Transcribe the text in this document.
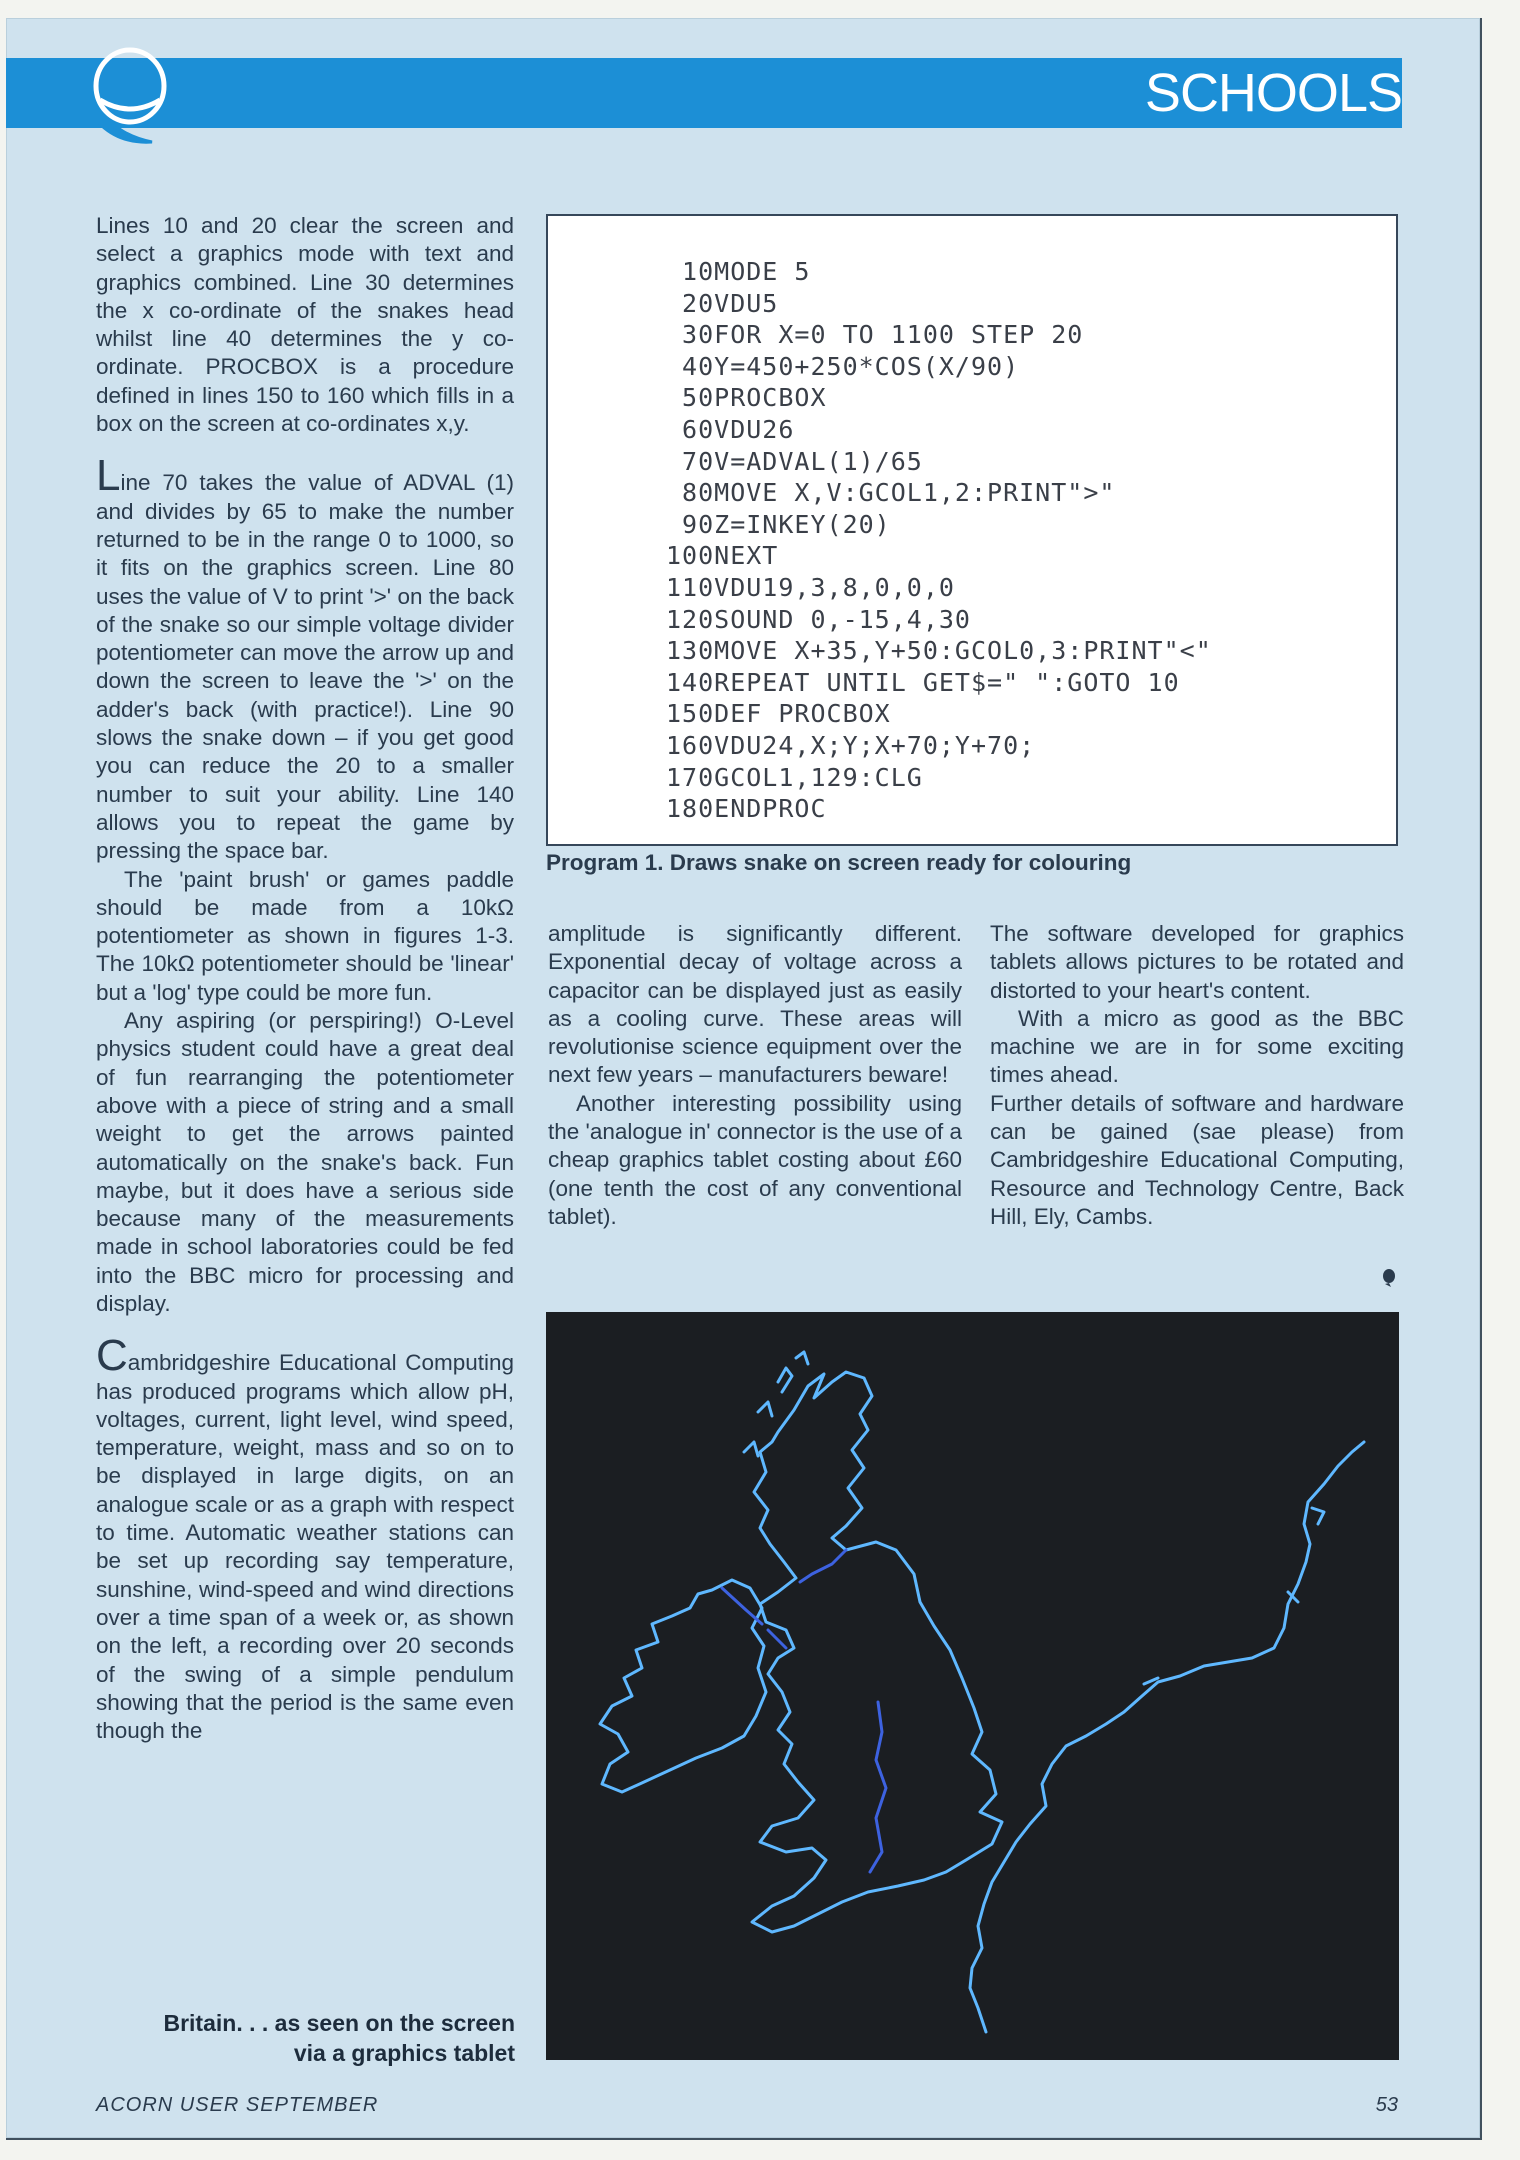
SCHOOLS

Lines 10 and 20 clear the screen and select a graphics mode with text and graphics combined. Line 30 determines the x co-ordinate of the snakes head whilst line 40 determines the y co-ordinate. PROCBOX is a procedure defined in lines 150 to 160 which fills in a box on the screen at co-ordinates x,y.

Line 70 takes the value of ADVAL (1) and divides by 65 to make the number returned to be in the range 0 to 1000, so it fits on the graphics screen. Line 80 uses the value of V to print '>' on the back of the snake so our simple voltage divider potentiometer can move the arrow up and down the screen to leave the '>' on the adder's back (with practice!). Line 90 slows the snake down – if you get good you can reduce the 20 to a smaller number to suit your ability. Line 140 allows you to repeat the game by pressing the space bar.

The 'paint brush' or games paddle should be made from a 10kΩ potentiometer as shown in figures 1-3. The 10kΩ potentiometer should be 'linear' but a 'log' type could be more fun.

Any aspiring (or perspiring!) O-Level physics student could have a great deal of fun rearranging the potentiometer above with a piece of string and a small weight to get the arrows painted automatically on the snake's back. Fun maybe, but it does have a serious side because many of the measurements made in school laboratories could be fed into the BBC micro for processing and display.

Cambridgeshire Educational Computing has produced programs which allow pH, voltages, current, light level, wind speed, temperature, weight, mass and so on to be displayed in large digits, on an analogue scale or as a graph with respect to time. Automatic weather stations can be set up recording say temperature, sunshine, wind-speed and wind directions over a time span of a week or, as shown on the left, a recording over 20 seconds of the swing of a simple pendulum showing that the period is the same even though the

10MODE 5
20VDU5
30FOR X=0 TO 1100 STEP 20
40Y=450+250*COS(X/90)
50PROCBOX
60VDU26
70V=ADVAL(1)/65
80MOVE X,V:GCOL1,2:PRINT">"
90Z=INKEY(20)
100NEXT
110VDU19,3,8,0,0,0
120SOUND 0,-15,4,30
130MOVE X+35,Y+50:GCOL0,3:PRINT"<"
140REPEAT UNTIL GET$=" ":GOTO 10
150DEF PROCBOX
160VDU24,X;Y;X+70;Y+70;
170GCOL1,129:CLG
180ENDPROC
Program 1. Draws snake on screen ready for colouring

amplitude is significantly different. Exponential decay of voltage across a capacitor can be displayed just as easily as a cooling curve. These areas will revolutionise science equipment over the next few years – manufacturers beware!

Another interesting possibility using the 'analogue in' connector is the use of a cheap graphics tablet costing about £60 (one tenth the cost of any conventional tablet).

The software developed for graphics tablets allows pictures to be rotated and distorted to your heart's content.

With a micro as good as the BBC machine we are in for some exciting times ahead.

Further details of software and hardware can be gained (sae please) from Cambridgeshire Educational Computing, Resource and Technology Centre, Back Hill, Ely, Cambs.

Britain. . . as seen on the screen
via a graphics tablet
ACORN USER SEPTEMBER	53
